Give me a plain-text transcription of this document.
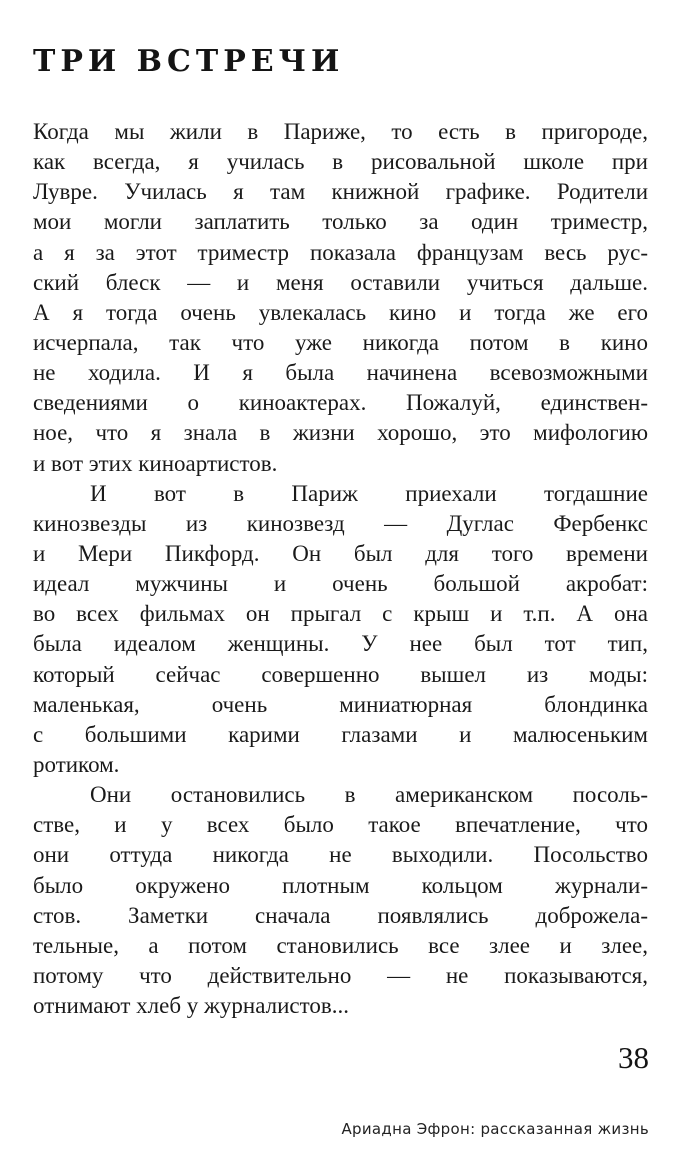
ТРИ ВСТРЕЧИ
Когда мы жили в Париже, то есть в пригороде,
как всегда, я училась в рисовальной школе при
Лувре. Училась я там книжной графике. Родители
мои могли заплатить только за один триместр,
а я за этот триместр показала французам весь рус-
ский блеск — и меня оставили учиться дальше.
А я тогда очень увлекалась кино и тогда же его
исчерпала, так что уже никогда потом в кино
не ходила. И я была начинена всевозможными
сведениями о киноактерах. Пожалуй, единствен-
ное, что я знала в жизни хорошо, это мифологию
и вот этих киноартистов.
И вот в Париж приехали тогдашние
кинозвезды из кинозвезд — Дуглас Фербенкс
и Мери Пикфорд. Он был для того времени
идеал мужчины и очень большой акробат:
во всех фильмах он прыгал с крыш и т.п. А она
была идеалом женщины. У нее был тот тип,
который сейчас совершенно вышел из моды:
маленькая, очень миниатюрная блондинка
с большими карими глазами и малюсеньким
ротиком.
Они остановились в американском посоль-
стве, и у всех было такое впечатление, что
они оттуда никогда не выходили. Посольство
было окружено плотным кольцом журнали-
стов. Заметки сначала появлялись доброжела-
тельные, а потом становились все злее и злее,
потому что действительно — не показываются,
отнимают хлеб у журналистов...
38
Ариадна Эфрон: рассказанная жизнь
